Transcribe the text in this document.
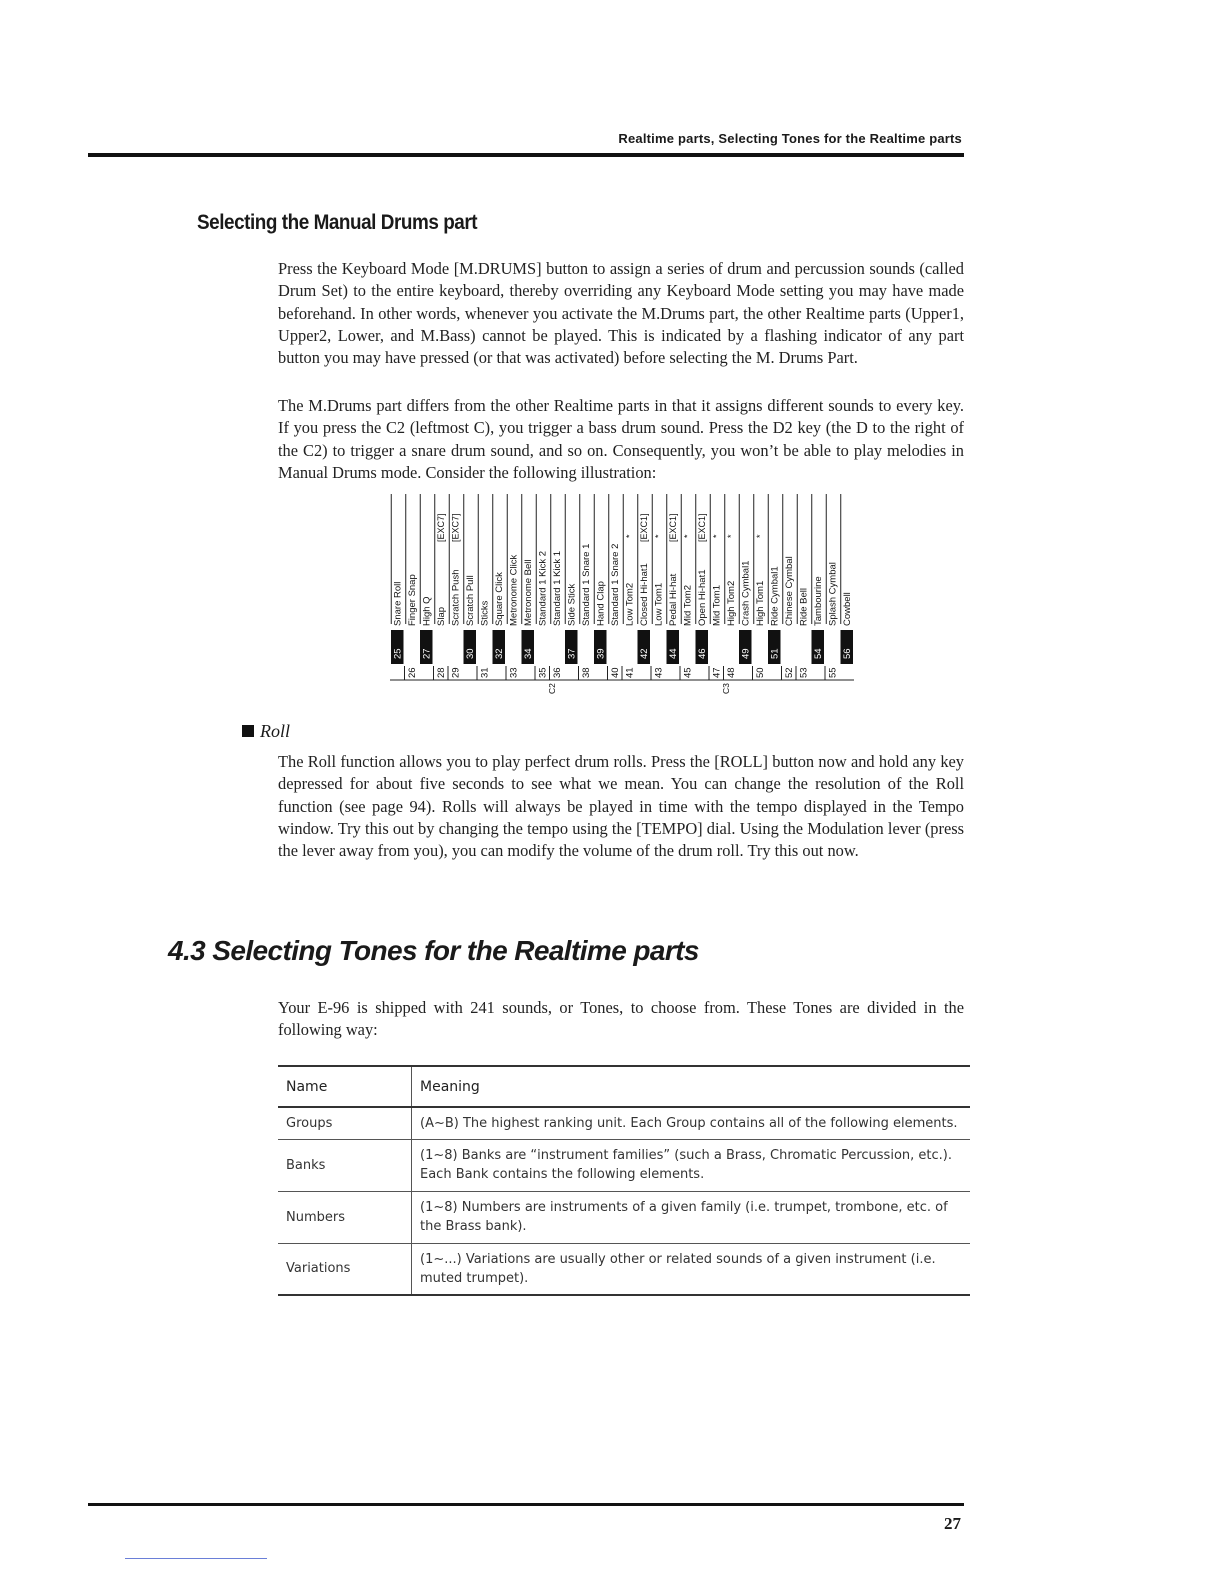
Realtime parts, Selecting Tones for the Realtime parts
Selecting the Manual Drums part

Press the Keyboard Mode [M.DRUMS] button to assign a series of drum and percussion sounds (called Drum Set) to the entire keyboard, thereby overriding any Keyboard Mode setting you may have made beforehand. In other words, whenever you activate the M.Drums part, the other Realtime parts (Upper1, Upper2, Lower, and M.Bass) cannot be played. This is indicated by a flashing indicator of any part button you may have pressed (or that was activated) before selecting the M. Drums Part.

The M.Drums part differs from the other Realtime parts in that it assigns different sounds to every key. If you press the C2 (leftmost C), you trigger a bass drum sound. Press the D2 key (the D to the right of the C2) to trigger a snare drum sound, and so on. Consequently, you won’t be able to play melodies in Manual Drums mode. Consider the following illustration:

Snare Roll Finger Snap High Q Slap
[EXC7]
Scratch Push
[EXC7]
Scratch Pull Sticks Square Click Metronome Click Metronome Bell Standard 1 Kick 2 Standard 1 Kick 1 Side Stick Standard 1 Snare 1 Hand Clap Standard 1 Snare 2 Low Tom2
*
Closed Hi-hat1
[EXC1]
Low Tom1
*
Pedal Hi-hat
[EXC1]
Mid Tom2
*
Open Hi-hat1
[EXC1]
Mid Tom1
*
High Tom2
*
Crash Cymbal1 High Tom1
*
Ride Cymbal1 Chinese Cymbal Ride Bell Tambourine Splash Cymbal Cowbell
25 27	30 32 34	37 39	42 44 46	49 51	54 56
26 28 29 31 33 35 36 38 40 41 43 45 47 48 50 52 53 55
C2	C3
Roll

The Roll function allows you to play perfect drum rolls. Press the [ROLL] button now and hold any key depressed for about five seconds to see what we mean. You can change the resolution of the Roll function (see page 94). Rolls will always be played in time with the tempo displayed in the Tempo window. Try this out by changing the tempo using the [TEMPO] dial. Using the Modulation lever (press the lever away from you), you can modify the volume of the drum roll. Try this out now.

4.3 Selecting Tones for the Realtime parts

Your E-96 is shipped with 241 sounds, or Tones, to choose from. These Tones are divided in the following way:

Name	Meaning
Groups	(A~B) The highest ranking unit. Each Group contains all of the following elements.
Banks	(1~8) Banks are “instrument families” (such a Brass, Chromatic Percussion, etc.). Each Bank contains the following elements.
Numbers	(1~8) Numbers are instruments of a given family (i.e. trumpet, trombone, etc. of the Brass bank).
Variations	(1~...) Variations are usually other or related sounds of a given instrument (i.e. muted trumpet).
27
